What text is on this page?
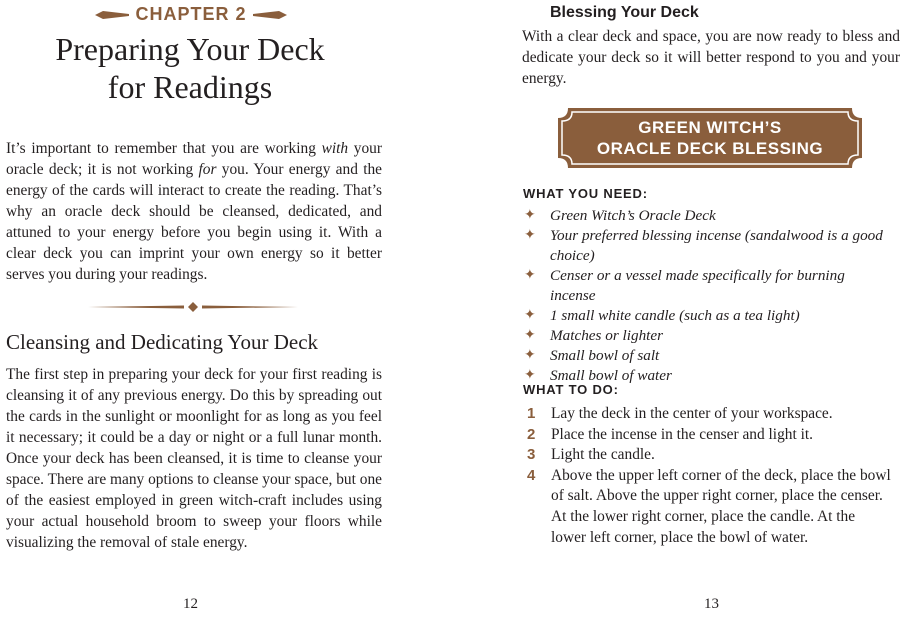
CHAPTER 2
Preparing Your Deck
for Readings

It’s important to remember that you are working with your oracle deck; it is not working for you. Your energy and the energy of the cards will interact to create the reading. That’s why an oracle deck should be cleansed, dedicated, and attuned to your energy before you begin using it. With a clear deck you can imprint your own energy so it better serves you during your readings.

Cleansing and Dedicating Your Deck

The first step in preparing your deck for your first reading is cleansing it of any previous energy. Do this by spreading out the cards in the sunlight or moonlight for as long as you feel it necessary; it could be a day or night or a full lunar month. Once your deck has been cleansed, it is time to cleanse your space. There are many options to cleanse your space, but one of the easiest employed in green witch-craft includes using your actual household broom to sweep your floors while visualizing the removal of stale energy.

12
Blessing Your Deck

With a clear deck and space, you are now ready to bless and dedicate your deck so it will better respond to you and your energy.

GREEN WITCH’S
ORACLE DECK BLESSING
WHAT YOU NEED:
✦ Green Witch’s Oracle Deck
✦ Your preferred blessing incense (sandalwood is a good choice)
✦ Censer or a vessel made specifically for burning incense
✦ 1 small white candle (such as a tea light)
✦ Matches or lighter
✦ Small bowl of salt
✦ Small bowl of water
WHAT TO DO:
1 Lay the deck in the center of your workspace.
2 Place the incense in the censer and light it.
3 Light the candle.
4 Above the upper left corner of the deck, place the bowl of salt. Above the upper right corner, place the censer. At the lower right corner, place the candle. At the lower left corner, place the bowl of water.
13
